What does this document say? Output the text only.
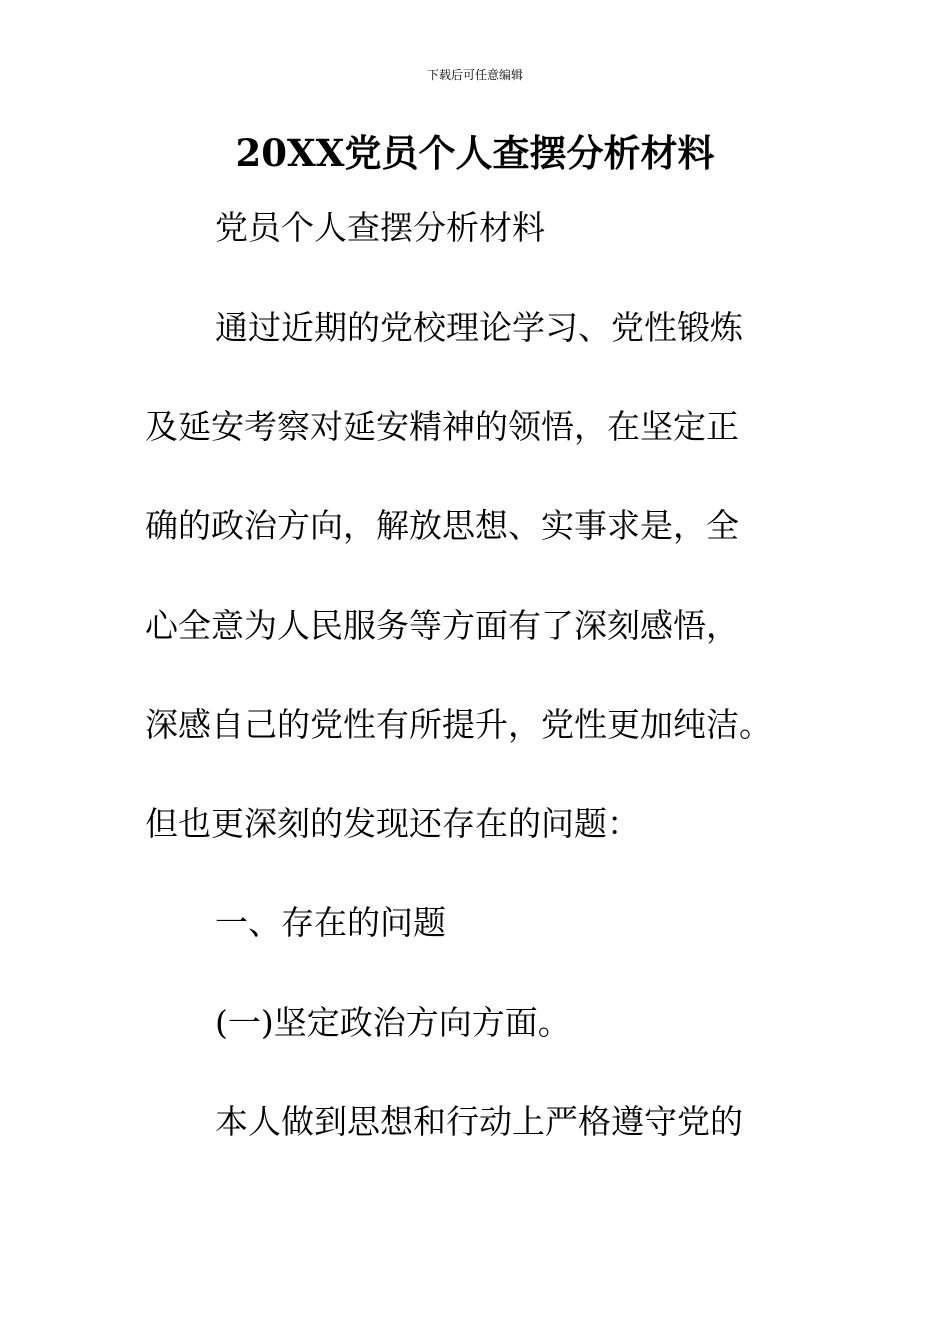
下载后可任意编辑
20XX党员个人查摆分析材料

党员个人查摆分析材料

通过近期的党校理论学习、党性锻炼

及延安考察对延安精神的领悟，在坚定正

确的政治方向，解放思想、实事求是，全

心全意为人民服务等方面有了深刻感悟，

深感自己的党性有所提升，党性更加纯洁。

但也更深刻的发现还存在的问题：

一、存在的问题

(一)坚定政治方向方面。

本人做到思想和行动上严格遵守党的
